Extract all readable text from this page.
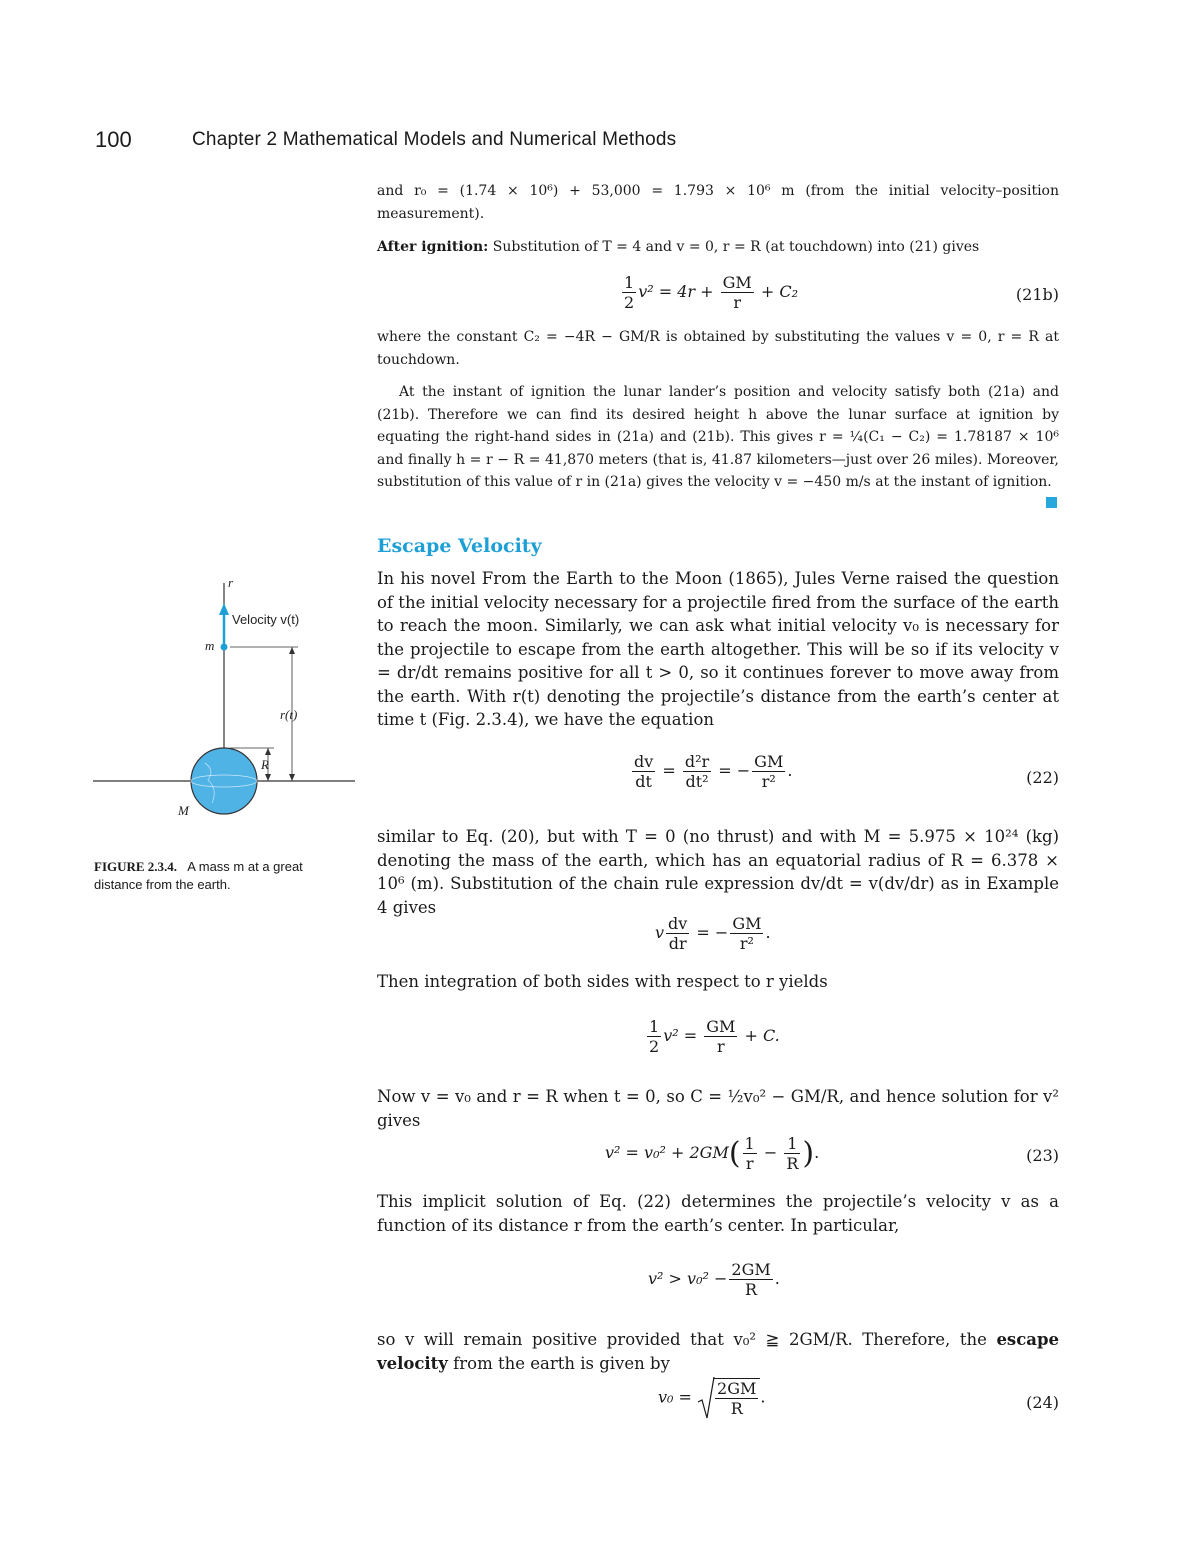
100	Chapter 2 Mathematical Models and Numerical Methods

and r₀ = (1.74 × 10⁶) + 53,000 = 1.793 × 10⁶ m (from the initial velocity–position measurement).

After ignition: Substitution of T = 4 and v = 0, r = R (at touchdown) into (21) gives

$\frac{1}{2} v^2 = 4r + \frac{GM}{r} + C_2$	(21b)

where the constant C₂ = −4R − GM/R is obtained by substituting the values v = 0, r = R at touchdown.

At the instant of ignition the lunar lander’s position and velocity satisfy both (21a) and (21b). Therefore we can find its desired height h above the lunar surface at ignition by equating the right-hand sides in (21a) and (21b). This gives r = ¼(C₁ − C₂) = 1.78187 × 10⁶ and finally h = r − R = 41,870 meters (that is, 41.87 kilometers—just over 26 miles). Moreover, substitution of this value of r in (21a) gives the velocity v = −450 m/s at the instant of ignition.

Escape Velocity

In his novel From the Earth to the Moon (1865), Jules Verne raised the question of the initial velocity necessary for a projectile fired from the surface of the earth to reach the moon. Similarly, we can ask what initial velocity v₀ is necessary for the projectile to escape from the earth altogether. This will be so if its velocity v = dr/dt remains positive for all t > 0, so it continues forever to move away from the earth. With r(t) denoting the projectile’s distance from the earth’s center at time t (Fig. 2.3.4), we have the equation

$\frac{dv}{dt} = \frac{\text{d²r}}{\text{dt²}}$ = − $\frac{GM}{\text{r²}}$ .	(22)

similar to Eq. (20), but with T = 0 (no thrust) and with M = 5.975 × 10²⁴ (kg) denoting the mass of the earth, which has an equatorial radius of R = 6.378 × 10⁶ (m). Substitution of the chain rule expression dv/dt = v(dv/dr) as in Example 4 gives

v $\frac{dv}{dr}$ = − $\frac{GM}{\text{r²}}$ .

Then integration of both sides with respect to r yields

$\frac{1}{2} v^2 = \frac{GM}{r} + C$.

Now v = v₀ and r = R when t = 0, so C = ½v₀² − GM/R, and hence solution for v² gives

$v^2 = v_0^2 + 2GM( \frac{1}{r} - \frac{1}{R}$ ).	(23)

This implicit solution of Eq. (22) determines the projectile’s velocity v as a function of its distance r from the earth’s center. In particular,

$v^2 > v_0^2 - \frac{2GM}{R}$ .

so v will remain positive provided that v₀² ≧ 2GM/R. Therefore, the escape velocity from the earth is given by

$v_0 = \frac{2GM}{R}$ .	(24)
r
Velocity v(t)
m
r(t)
R
M
FIGURE 2.3.4. A mass m at a great distance from the earth.
